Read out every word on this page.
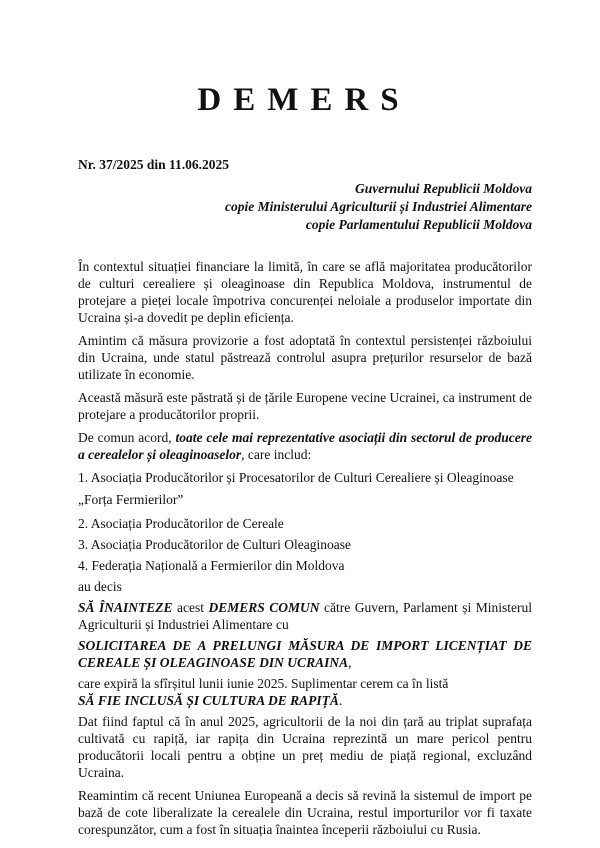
DEMERS
Nr. 37/2025 din 11.06.2025
Guvernului Republicii Moldova
copie Ministerului Agriculturii și Industriei Alimentare
copie Parlamentului Republicii Moldova

În contextul situației financiare la limită, în care se află majoritatea producătorilor de culturi cerealiere și oleaginoase din Republica Moldova, instrumentul de protejare a pieței locale împotriva concurenței neloiale a produselor importate din Ucraina și-a dovedit pe deplin eficiența.

Amintim că măsura provizorie a fost adoptată în contextul persistenței războiului din Ucraina, unde statul păstrează controlul asupra prețurilor resurselor de bază utilizate în economie.

Această măsură este păstrată și de țările Europene vecine Ucrainei, ca instrument de protejare a producătorilor proprii.

De comun acord, toate cele mai reprezentative asociații din sectorul de producere a cerealelor și oleaginoaselor, care includ:

1. Asociația Producătorilor și Procesatorilor de Culturi Cerealiere și Oleaginoase „Forța Fermierilor”

2. Asociația Producătorilor de Cereale

3. Asociația Producătorilor de Culturi Oleaginoase

4. Federația Națională a Fermierilor din Moldova

au decis

SĂ ÎNAINTEZE acest DEMERS COMUN către Guvern, Parlament și Ministerul Agriculturii și Industriei Alimentare cu

SOLICITAREA DE A PRELUNGI MĂSURA DE IMPORT LICENȚIAT DE CEREALE ȘI OLEAGINOASE DIN UCRAINA,

care expiră la sfîrșitul lunii iunie 2025. Suplimentar cerem ca în listă

SĂ FIE INCLUSĂ ȘI CULTURA DE RAPIȚĂ.

Dat fiind faptul că în anul 2025, agricultorii de la noi din țară au triplat suprafața cultivată cu rapiță, iar rapița din Ucraina reprezintă un mare pericol pentru producătorii locali pentru a obține un preț mediu de piață regional, excluzând Ucraina.

Reamintim că recent Uniunea Europeană a decis să revină la sistemul de import pe bază de cote liberalizate la cerealele din Ucraina, restul importurilor vor fi taxate corespunzător, cum a fost în situația înaintea începerii războiului cu Rusia.
